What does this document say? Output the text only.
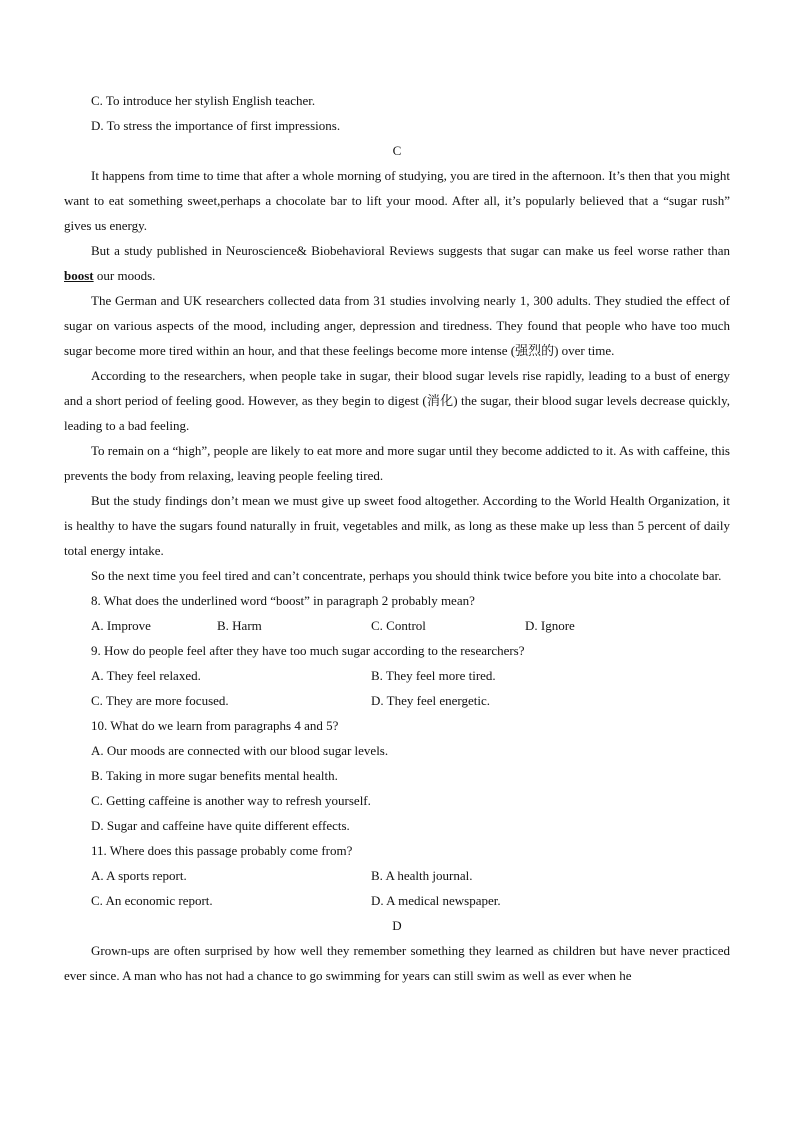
C. To introduce her stylish English teacher.
D. To stress the importance of first impressions.
C
It happens from time to time that after a whole morning of studying, you are tired in the afternoon. It’s then that you might want to eat something sweet,perhaps a chocolate bar to lift your mood. After all, it’s popularly believed that a “sugar rush” gives us energy.
But a study published in Neuroscience& Biobehavioral Reviews suggests that sugar can make us feel worse rather than boost our moods.
The German and UK researchers collected data from 31 studies involving nearly 1, 300 adults. They studied the effect of sugar on various aspects of the mood, including anger, depression and tiredness. They found that people who have too much sugar become more tired within an hour, and that these feelings become more intense (强烈的) over time.
According to the researchers, when people take in sugar, their blood sugar levels rise rapidly, leading to a bust of energy and a short period of feeling good. However, as they begin to digest (消化) the sugar, their blood sugar levels decrease quickly, leading to a bad feeling.
To remain on a “high”, people are likely to eat more and more sugar until they become addicted to it. As with caffeine, this prevents the body from relaxing, leaving people feeling tired.
But the study findings don’t mean we must give up sweet food altogether. According to the World Health Organization, it is healthy to have the sugars found naturally in fruit, vegetables and milk, as long as these make up less than 5 percent of daily total energy intake.
So the next time you feel tired and can’t concentrate, perhaps you should think twice before you bite into a chocolate bar.
8. What does the underlined word “boost” in paragraph 2 probably mean?
A. Improve	B. Harm	C. Control	D. Ignore
9. How do people feel after they have too much sugar according to the researchers?
A. They feel relaxed.	B. They feel more tired.
C. They are more focused.	D. They feel energetic.
10. What do we learn from paragraphs 4 and 5?
A. Our moods are connected with our blood sugar levels.
B. Taking in more sugar benefits mental health.
C. Getting caffeine is another way to refresh yourself.
D. Sugar and caffeine have quite different effects.
11. Where does this passage probably come from?
A. A sports report.	B. A health journal.
C. An economic report.	D. A medical newspaper.
D
Grown-ups are often surprised by how well they remember something they learned as children but have never practiced ever since. A man who has not had a chance to go swimming for years can still swim as well as ever when he
